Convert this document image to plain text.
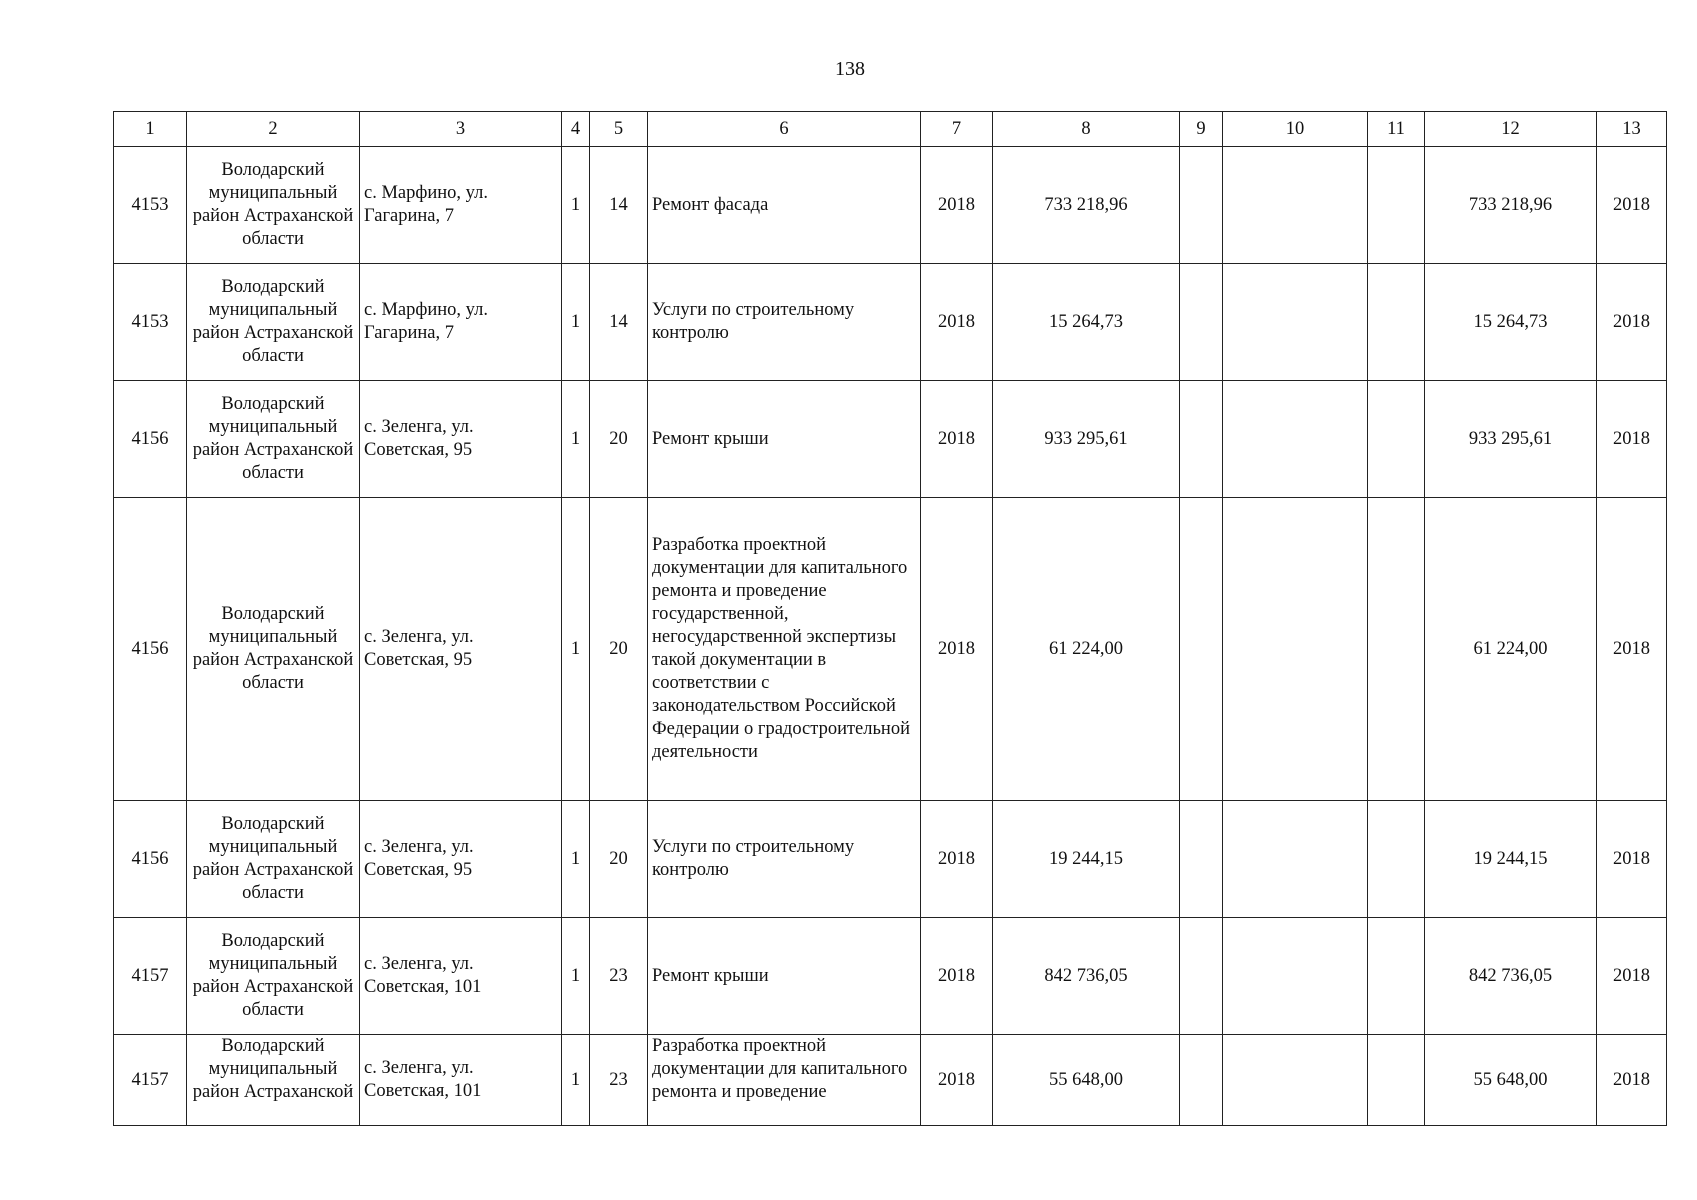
138
1	2	3	4	5	6	7	8	9	10	11	12	13
4153	Володарский муниципальный район Астраханской области	с. Марфино, ул. Гагарина, 7	1	14	Ремонт фасада	2018	733 218,96				733 218,96	2018
4153	Володарский муниципальный район Астраханской области	с. Марфино, ул. Гагарина, 7	1	14	Услуги по строительному контролю	2018	15 264,73				15 264,73	2018
4156	Володарский муниципальный район Астраханской области	с. Зеленга, ул. Советская, 95	1	20	Ремонт крыши	2018	933 295,61				933 295,61	2018
4156	Володарский муниципальный район Астраханской области	с. Зеленга, ул. Советская, 95	1	20	Разработка проектной документации для капитального ремонта и проведение государственной, негосударственной экспертизы такой документации в соответствии с законодательством Российской Федерации о градостроительной деятельности	2018	61 224,00				61 224,00	2018
4156	Володарский муниципальный район Астраханской области	с. Зеленга, ул. Советская, 95	1	20	Услуги по строительному контролю	2018	19 244,15				19 244,15	2018
4157	Володарский муниципальный район Астраханской области	с. Зеленга, ул. Советская, 101	1	23	Ремонт крыши	2018	842 736,05				842 736,05	2018
4157	Володарский муниципальный район Астраханской	с. Зеленга, ул. Советская, 101	1	23	Разработка проектной документации для капитального ремонта и проведение	2018	55 648,00				55 648,00	2018
